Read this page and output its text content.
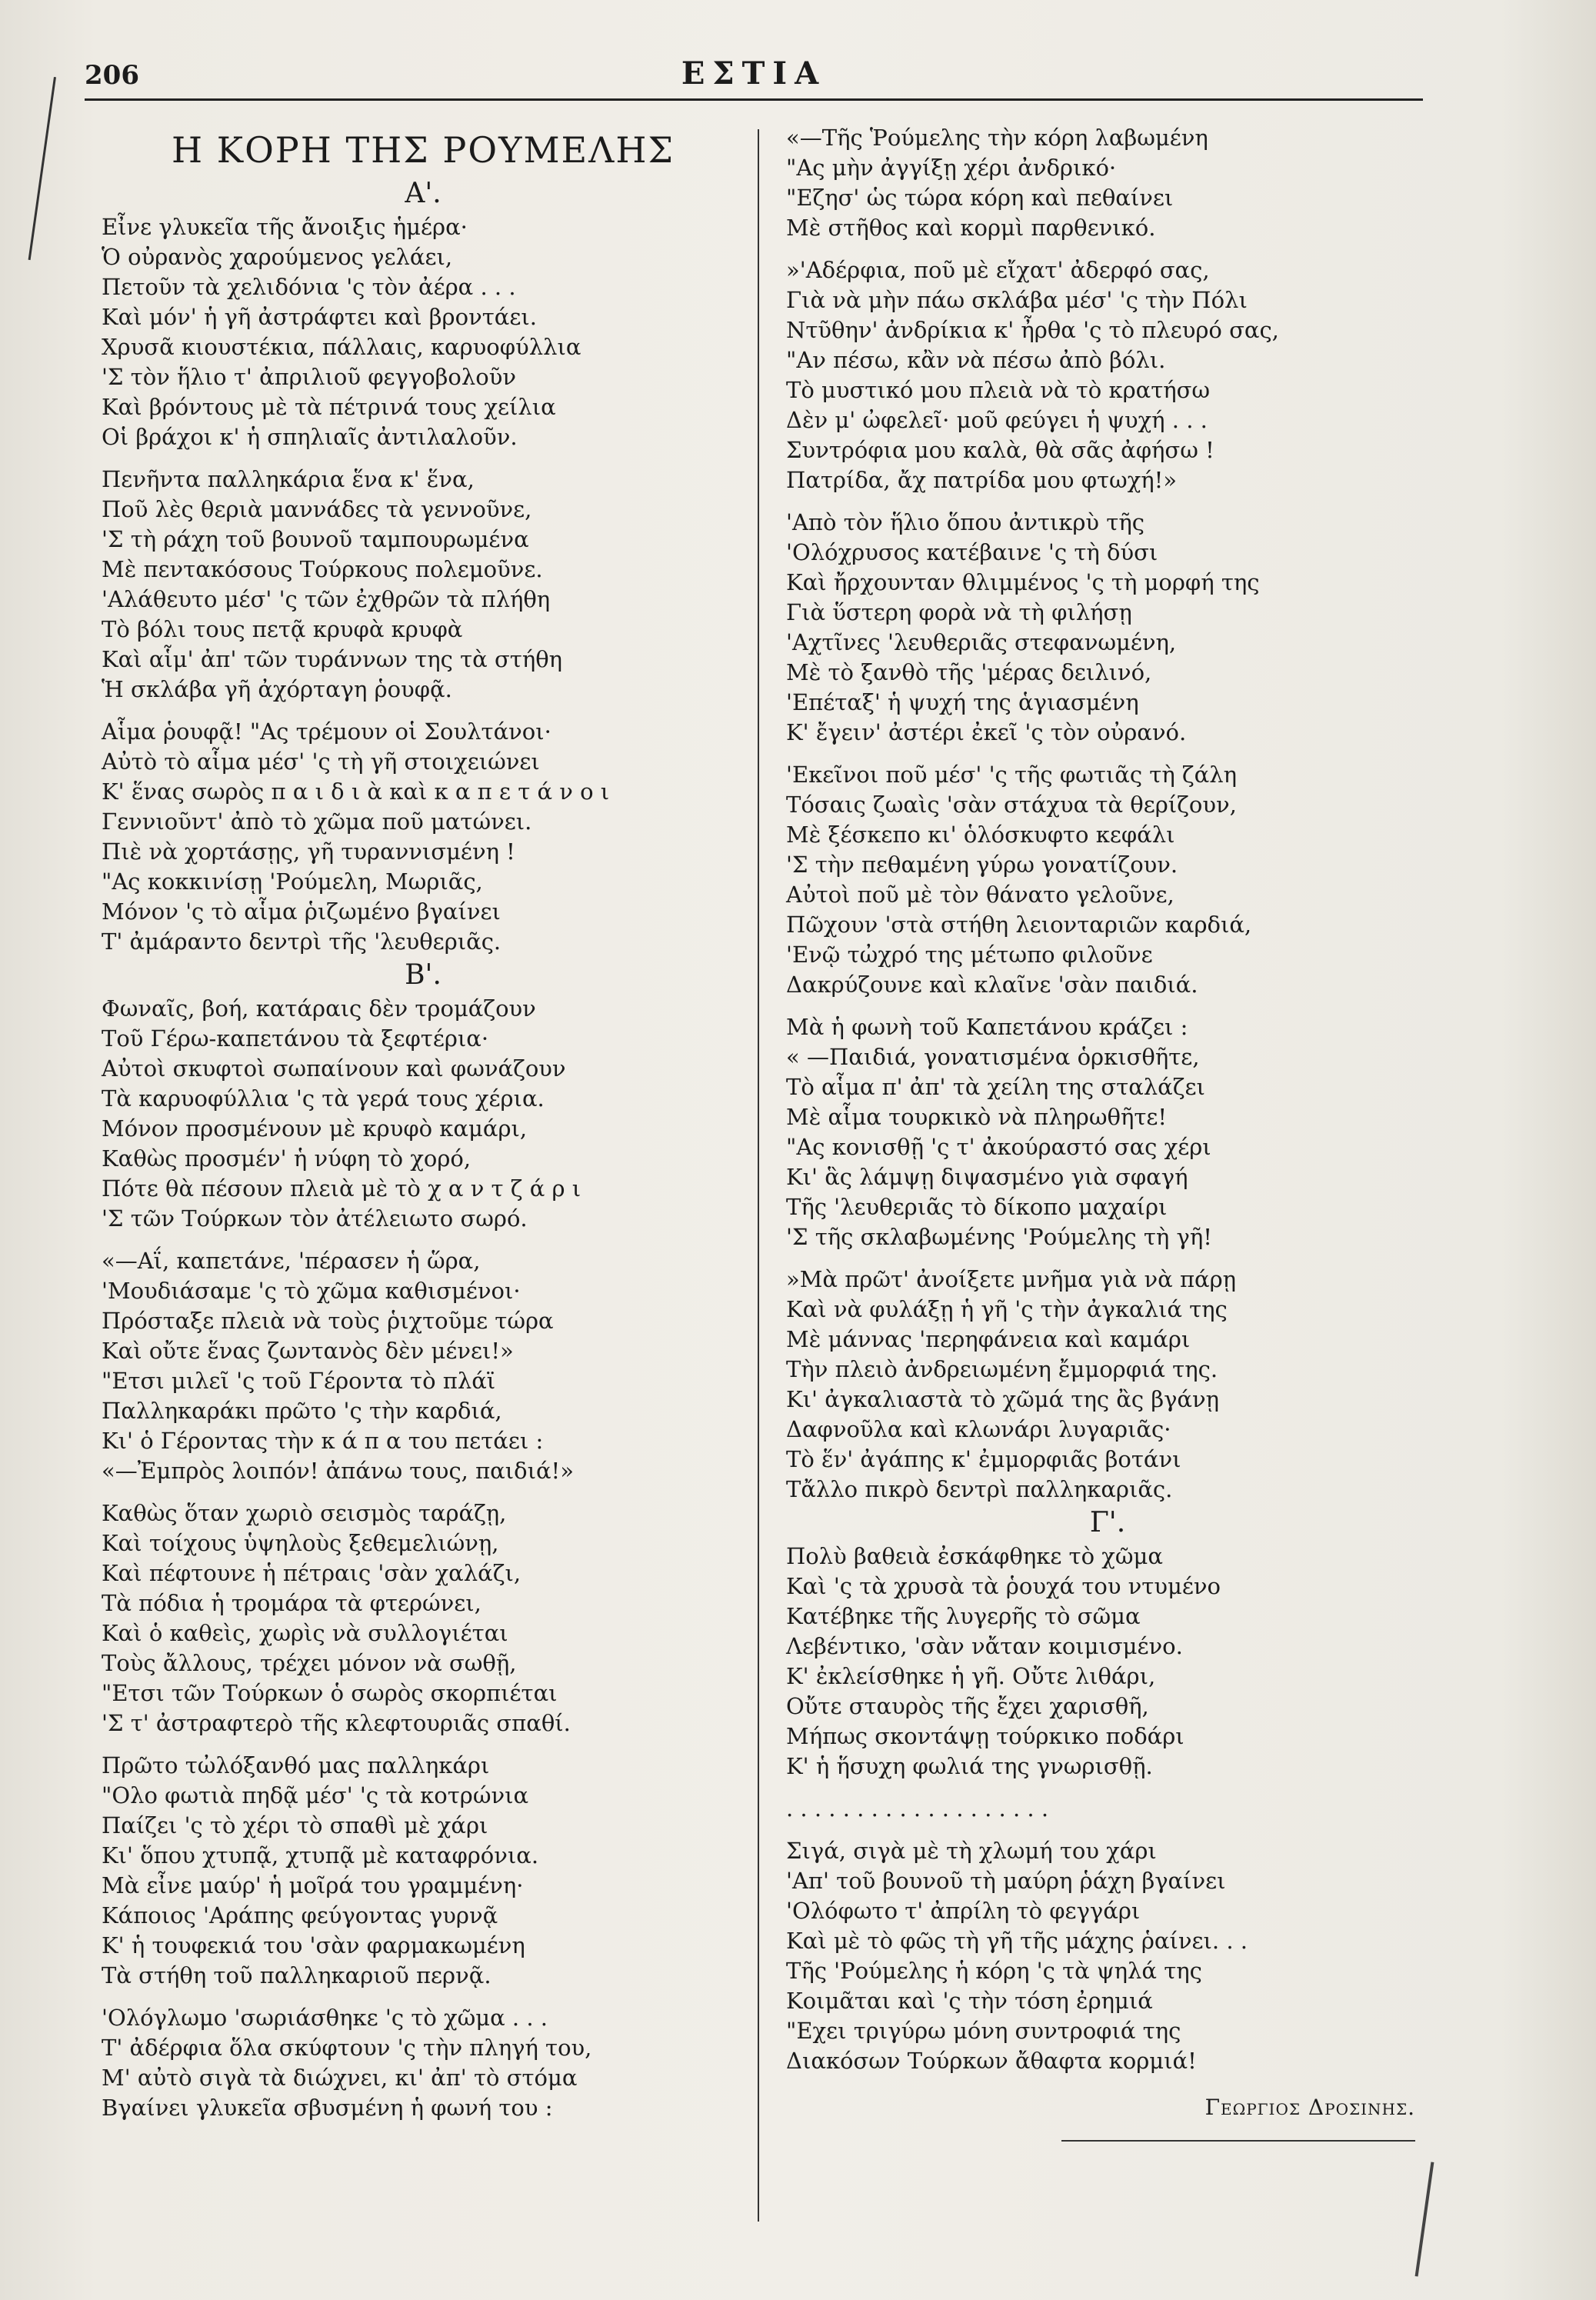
206	ΕΣΤΙΑ
Η ΚΟΡΗ ΤΗΣ ΡΟΥΜΕΛΗΣ
Α'.
Εἶνε γλυκεῖα τῆς ἄνοιξις ἡμέρα·
Ὁ οὐρανὸς χαρούμενος γελάει,
Πετοῦν τὰ χελιδόνια 'ς τὸν ἀέρα . . .
Καὶ μόν' ἡ γῆ ἀστράφτει καὶ βροντάει.
Χρυσᾶ κιουστέκια, πάλλαις, καρυοφύλλια
'Σ τὸν ἥλιο τ' ἀπριλιοῦ φεγγοβολοῦν
Καὶ βρόντους μὲ τὰ πέτρινά τους χείλια
Οἱ βράχοι κ' ἡ σπηλιαῖς ἀντιλαλοῦν.
Πενῆντα παλληκάρια ἕνα κ' ἕνα,
Ποῦ λὲς θεριὰ μαννάδες τὰ γεννοῦνε,
'Σ τὴ ράχη τοῦ βουνοῦ ταμπουρωμένα
Μὲ πεντακόσους Τούρκους πολεμοῦνε.
'Αλάθευτο μέσ' 'ς τῶν ἐχθρῶν τὰ πλήθη
Τὸ βόλι τους πετᾷ κρυφὰ κρυφὰ
Καὶ αἷμ' ἀπ' τῶν τυράννων της τὰ στήθη
Ἡ σκλάβα γῆ ἀχόρταγη ῥουφᾷ.
Αἷμα ῥουφᾷ! "Ας τρέμουν οἱ Σουλτάνοι·
Αὐτὸ τὸ αἷμα μέσ' 'ς τὴ γῆ στοιχειώνει
Κ' ἕνας σωρὸς π α ι δ ι ὰ καὶ κ α π ε τ ά ν ο ι
Γεννιοῦντ' ἀπὸ τὸ χῶμα ποῦ ματώνει.
Πιὲ νὰ χορτάσῃς, γῆ τυραννισμένη !
"Ας κοκκινίσῃ 'Ρούμελη, Μωριᾶς,
Μόνον 'ς τὸ αἷμα ῥιζωμένο βγαίνει
Τ' ἀμάραντο δεντρὶ τῆς 'λευθεριᾶς.
Β'.
Φωναῖς, βοή, κατάραις δὲν τρομάζουν
Τοῦ Γέρω-καπετάνου τὰ ξεφτέρια·
Αὐτοὶ σκυφτοὶ σωπαίνουν καὶ φωνάζουν
Τὰ καρυοφύλλια 'ς τὰ γερά τους χέρια.
Μόνον προσμένουν μὲ κρυφὸ καμάρι,
Καθὼς προσμέν' ἡ νύφη τὸ χορό,
Πότε θὰ πέσουν πλειὰ μὲ τὸ χ α ν τ ζ ά ρ ι
'Σ τῶν Τούρκων τὸν ἀτέλειωτο σωρό.
«—Αΐ, καπετάνε, 'πέρασεν ἡ ὥρα,
'Μουδιάσαμε 'ς τὸ χῶμα καθισμένοι·
Πρόσταξε πλειὰ νὰ τοὺς ῥιχτοῦμε τώρα
Καὶ οὔτε ἕνας ζωντανὸς δὲν μένει!»
"Ετσι μιλεῖ 'ς τοῦ Γέροντα τὸ πλάϊ
Παλληκαράκι πρῶτο 'ς τὴν καρδιά,
Κι' ὁ Γέροντας τὴν κ ά π α του πετάει :
«—Ἐμπρὸς λοιπόν! ἀπάνω τους, παιδιά!»
Καθὼς ὅταν χωριὸ σεισμὸς ταράζῃ,
Καὶ τοίχους ὑψηλοὺς ξεθεμελιώνῃ,
Καὶ πέφτουνε ἡ πέτραις 'σὰν χαλάζι,
Τὰ πόδια ἡ τρομάρα τὰ φτερώνει,
Καὶ ὁ καθεὶς, χωρὶς νὰ συλλογιέται
Τοὺς ἄλλους, τρέχει μόνον νὰ σωθῇ,
"Ετσι τῶν Τούρκων ὁ σωρὸς σκορπιέται
'Σ τ' ἀστραφτερὸ τῆς κλεφτουριᾶς σπαθί.
Πρῶτο τὠλόξανθό μας παλληκάρι
"Ολο φωτιὰ πηδᾷ μέσ' 'ς τὰ κοτρώνια
Παίζει 'ς τὸ χέρι τὸ σπαθὶ μὲ χάρι
Κι' ὅπου χτυπᾷ, χτυπᾷ μὲ καταφρόνια.
Μὰ εἶνε μαύρ' ἡ μοῖρά του γραμμένη·
Κάποιος 'Αράπης φεύγοντας γυρνᾷ
Κ' ἡ τουφεκιά του 'σὰν φαρμακωμένη
Τὰ στήθη τοῦ παλληκαριοῦ περνᾷ.
'Ολόγλωμο 'σωριάσθηκε 'ς τὸ χῶμα . . .
Τ' ἀδέρφια ὅλα σκύφτουν 'ς τὴν πληγή του,
Μ' αὐτὸ σιγὰ τὰ διώχνει, κι' ἀπ' τὸ στόμα
Βγαίνει γλυκεῖα σβυσμένη ἡ φωνή του :
«—Τῆς Ῥούμελης τὴν κόρη λαβωμένη
"Ας μὴν ἀγγίξῃ χέρι ἀνδρικό·
"Εζησ' ὡς τώρα κόρη καὶ πεθαίνει
Μὲ στῆθος καὶ κορμὶ παρθενικό.
»'Αδέρφια, ποῦ μὲ εἴχατ' ἀδερφό σας,
Γιὰ νὰ μὴν πάω σκλάβα μέσ' 'ς τὴν Πόλι
Ντῦθην' ἀνδρίκια κ' ἦρθα 'ς τὸ πλευρό σας,
"Αν πέσω, κἂν νὰ πέσω ἀπὸ βόλι.
Τὸ μυστικό μου πλειὰ νὰ τὸ κρατήσω
Δὲν μ' ὠφελεῖ· μοῦ φεύγει ἡ ψυχή . . .
Συντρόφια μου καλὰ, θὰ σᾶς ἀφήσω !
Πατρίδα, ἄχ πατρίδα μου φτωχή!»
'Απὸ τὸν ἥλιο ὅπου ἀντικρὺ τῆς
'Ολόχρυσος κατέβαινε 'ς τὴ δύσι
Καὶ ἤρχουνταν θλιμμένος 'ς τὴ μορφή της
Γιὰ ὕστερη φορὰ νὰ τὴ φιλήσῃ
'Αχτῖνες 'λευθεριᾶς στεφανωμένη,
Μὲ τὸ ξανθὸ τῆς 'μέρας δειλινό,
'Επέταξ' ἡ ψυχή της ἁγιασμένη
Κ' ἔγειν' ἀστέρι ἐκεῖ 'ς τὸν οὐρανό.
'Εκεῖνοι ποῦ μέσ' 'ς τῆς φωτιᾶς τὴ ζάλη
Τόσαις ζωαὶς 'σὰν στάχυα τὰ θερίζουν,
Μὲ ξέσκεπο κι' ὁλόσκυφτο κεφάλι
'Σ τὴν πεθαμένη γύρω γονατίζουν.
Αὐτοὶ ποῦ μὲ τὸν θάνατο γελοῦνε,
Πῶχουν 'στὰ στήθη λειονταριῶν καρδιά,
'Ενῷ τὠχρό της μέτωπο φιλοῦνε
Δακρύζουνε καὶ κλαῖνε 'σὰν παιδιά.
Μὰ ἡ φωνὴ τοῦ Καπετάνου κράζει :
« —Παιδιά, γονατισμένα ὁρκισθῆτε,
Τὸ αἷμα π' ἀπ' τὰ χείλη της σταλάζει
Μὲ αἷμα τουρκικὸ νὰ πληρωθῆτε!
"Ας κονισθῇ 'ς τ' ἀκούραστό σας χέρι
Κι' ἃς λάμψῃ διψασμένο γιὰ σφαγή
Τῆς 'λευθεριᾶς τὸ δίκοπο μαχαίρι
'Σ τῆς σκλαβωμένης 'Ρούμελης τὴ γῆ!
»Μὰ πρῶτ' ἀνοίξετε μνῆμα γιὰ νὰ πάρῃ
Καὶ νὰ φυλάξῃ ἡ γῆ 'ς τὴν ἀγκαλιά της
Μὲ μάννας 'περηφάνεια καὶ καμάρι
Τὴν πλειὸ ἀνδρειωμένη ἔμμορφιά της.
Κι' ἀγκαλιαστὰ τὸ χῶμά της ἂς βγάνῃ
Δαφνοῦλα καὶ κλωνάρι λυγαριᾶς·
Τὸ ἕν' ἀγάπης κ' ἐμμορφιᾶς βοτάνι
Τἄλλο πικρὸ δεντρὶ παλληκαριᾶς.
Γ'.
Πολὺ βαθειὰ ἐσκάφθηκε τὸ χῶμα
Καὶ 'ς τὰ χρυσὰ τὰ ῥουχά του ντυμένο
Κατέβηκε τῆς λυγερῆς τὸ σῶμα
Λεβέντικο, 'σὰν νἄταν κοιμισμένο.
Κ' ἐκλείσθηκε ἡ γῆ. Οὔτε λιθάρι,
Οὔτε σταυρὸς τῆς ἔχει χαρισθῆ,
Μήπως σκοντάψῃ τούρκικο ποδάρι
Κ' ἡ ἥσυχη φωλιά της γνωρισθῇ.
. . . . . . . . . . . . . . . . . . .
Σιγά, σιγὰ μὲ τὴ χλωμή του χάρι
'Απ' τοῦ βουνοῦ τὴ μαύρη ῥάχη βγαίνει
'Ολόφωτο τ' ἀπρίλη τὸ φεγγάρι
Καὶ μὲ τὸ φῶς τὴ γῆ τῆς μάχης ῥαίνει. . .
Τῆς 'Ρούμελης ἡ κόρη 'ς τὰ ψηλά της
Κοιμᾶται καὶ 'ς τὴν τόση ἐρημιά
"Εχει τριγύρω μόνη συντροφιά της
Διακόσων Τούρκων ἄθαφτα κορμιά!
Γεωργιος Δροσινης.
